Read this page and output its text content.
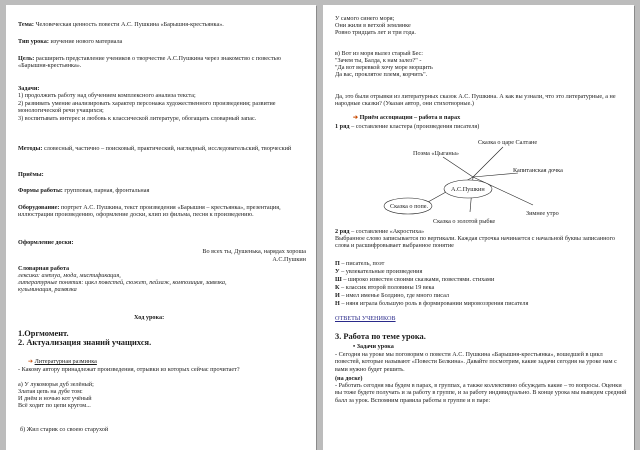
Тема: Человеческая ценность повести А.С. Пушкина «Барышня-крестьянка».
Тип урока: изучение нового материала
Цель: расширить представление учеников о творчестве А.С.Пушкина через знакомство с повестью «Барышня-крестьянка».
Задачи:
1) продолжить работу над обучением комплексного анализа текста;
2) развивать умение анализировать характер персонажа художественного произведения; развитие монологической речи учащихся;
3) воспитывать интерес и любовь к классической литературе, обогащать словарный запас.
Методы: словесный, частично – поисковый, практический, наглядный, исследовательский, творческий
Приёмы:
Формы работы: групповая, парная, фронтальная
Оборудование: портрет А.С. Пушкина, текст произведения «Барышня – крестьянка», презентация, иллюстрации произведению, оформление доски, клип из фильма, песня к произведению.
Оформление доски:
Во всех ты, Душенька, нарядах хороша
А.С.Пушкин
Словарная работа
лексика: амплуа, мода, мистификация,
литературные понятия: цикл повестей, сюжет, пейзаж, композиция, завязка,
кульминация, развязка
Ход урока:
1.Оргмомент.
2. Актуализация знаний учащихся.
➔ Литературная разминка
- Какому автору принадлежат произведения, отрывки из которых сейчас прочитает?
а) У лукоморья дуб зелёный;
Златая цепь на дубе том:
И днём и ночью кот учёный
Всё ходит по цепи кругом...
б) Жил старик со своею старухой
У самого синего моря;
Они жили в ветхой землянке
Ровно тридцать лет и три года.
в) Вот из моря вылез старый Бес:
"Зачем ты, Балда, к нам залез?" -
"Да вот веревкой хочу море морщить
Да вас, проклятое племя, корчить".
Да, это были отрывки из литературных сказок А.С. Пушкина. А как вы узнали, что это литературные, а не народные сказки? (Указан автор, они стихотворные.)
➔ Приём ассоциации – работа в парах
1 ряд – составление кластера (произведения писателя)
А.С.Пушкин
Поэма «Цыганы»
Сказка о царе Салтане
Капитанская дочка
Зимнее утро
Сказка о золотой рыбке
Сказка о попе.
2 ряд – составление «Акростиха»
Выбранное слово записывается по вертикали. Каждая строчка начинается с начальной буквы записанного слова и расшифровывает выбранное понятие
П – писатель, поэт
У – увлекательные произведения
Ш – широко известен своими сказками, повестями. стихами
К – классик второй половины 19 века
И – имел именье Болдино, где много писал
Н – няня играла большую роль в формировании мировоззрения писателя
ОТВЕТЫ УЧЕНИКОВ
3. Работа по теме урока.
• Задачи урока
- Сегодня на уроке мы поговорим о повести А.С. Пушкина «Барышня-крестьянка», вошедшей в цикл повестей, которые называют «Повести Белкина». Давайте посмотрим, какие задачи сегодня на уроке нам с вами нужно будет решить.
(на доске)
- Работать сегодня мы будем в парах, в группах, а также коллективно обсуждать какие – то вопросы. Оценки вы тоже будете получать и за работу в группе, и за работу индивидуально. В конце урока мы выведем средний балл за урок. Вспомним правила работы в группе и в паре:
